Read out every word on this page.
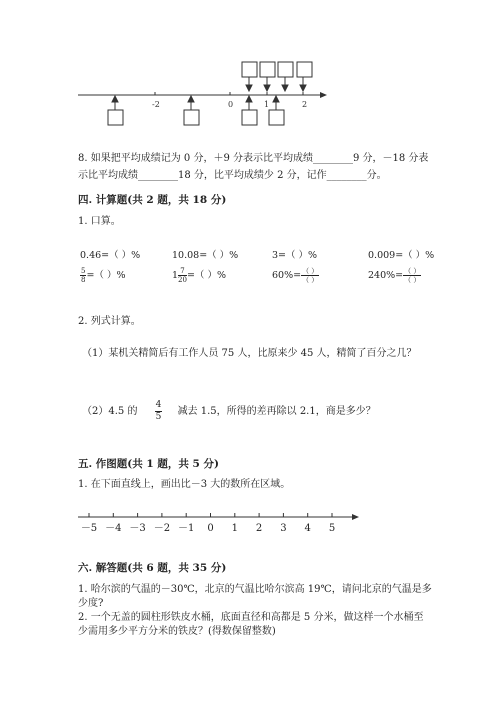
-2	0	1	2
8. 如果把平均成绩记为 0 分，＋9 分表示比平均成绩________9 分，－18 分表
示比平均成绩________18 分，比平均成绩少 2 分，记作________分。
四. 计算题(共 2 题，共 18 分)
1. 口算。
0.46=（ ）%	10.08=（ ）%	3=（ ）%	0.009=（ ）%
$\frac{5}{8}$ =（ ）%	$1 \frac{7}{20}$ =（ ）%	$60\%= \frac{( )}{( )}$	$240\%= \frac{( )}{( )}$
2. 列式计算。
（1）某机关精简后有工作人员 75 人，比原来少 45 人，精简了百分之几？
（2）4.5 的 $\frac{4}{5}$ 减去 1.5，所得的差再除以 2.1，商是多少？
五. 作图题(共 1 题，共 5 分)
1. 在下面直线上，画出比－3 大的数所在区域。
－5 －4 －3 －2 －1	0	1	2	3	4	5
六. 解答题(共 6 题，共 35 分)
1. 哈尔滨的气温的－30℃，北京的气温比哈尔滨高 19℃，请问北京的气温是多
少度?
2. 一个无盖的圆柱形铁皮水桶，底面直径和高都是 5 分米，做这样一个水桶至
少需用多少平方分米的铁皮？(得数保留整数)
